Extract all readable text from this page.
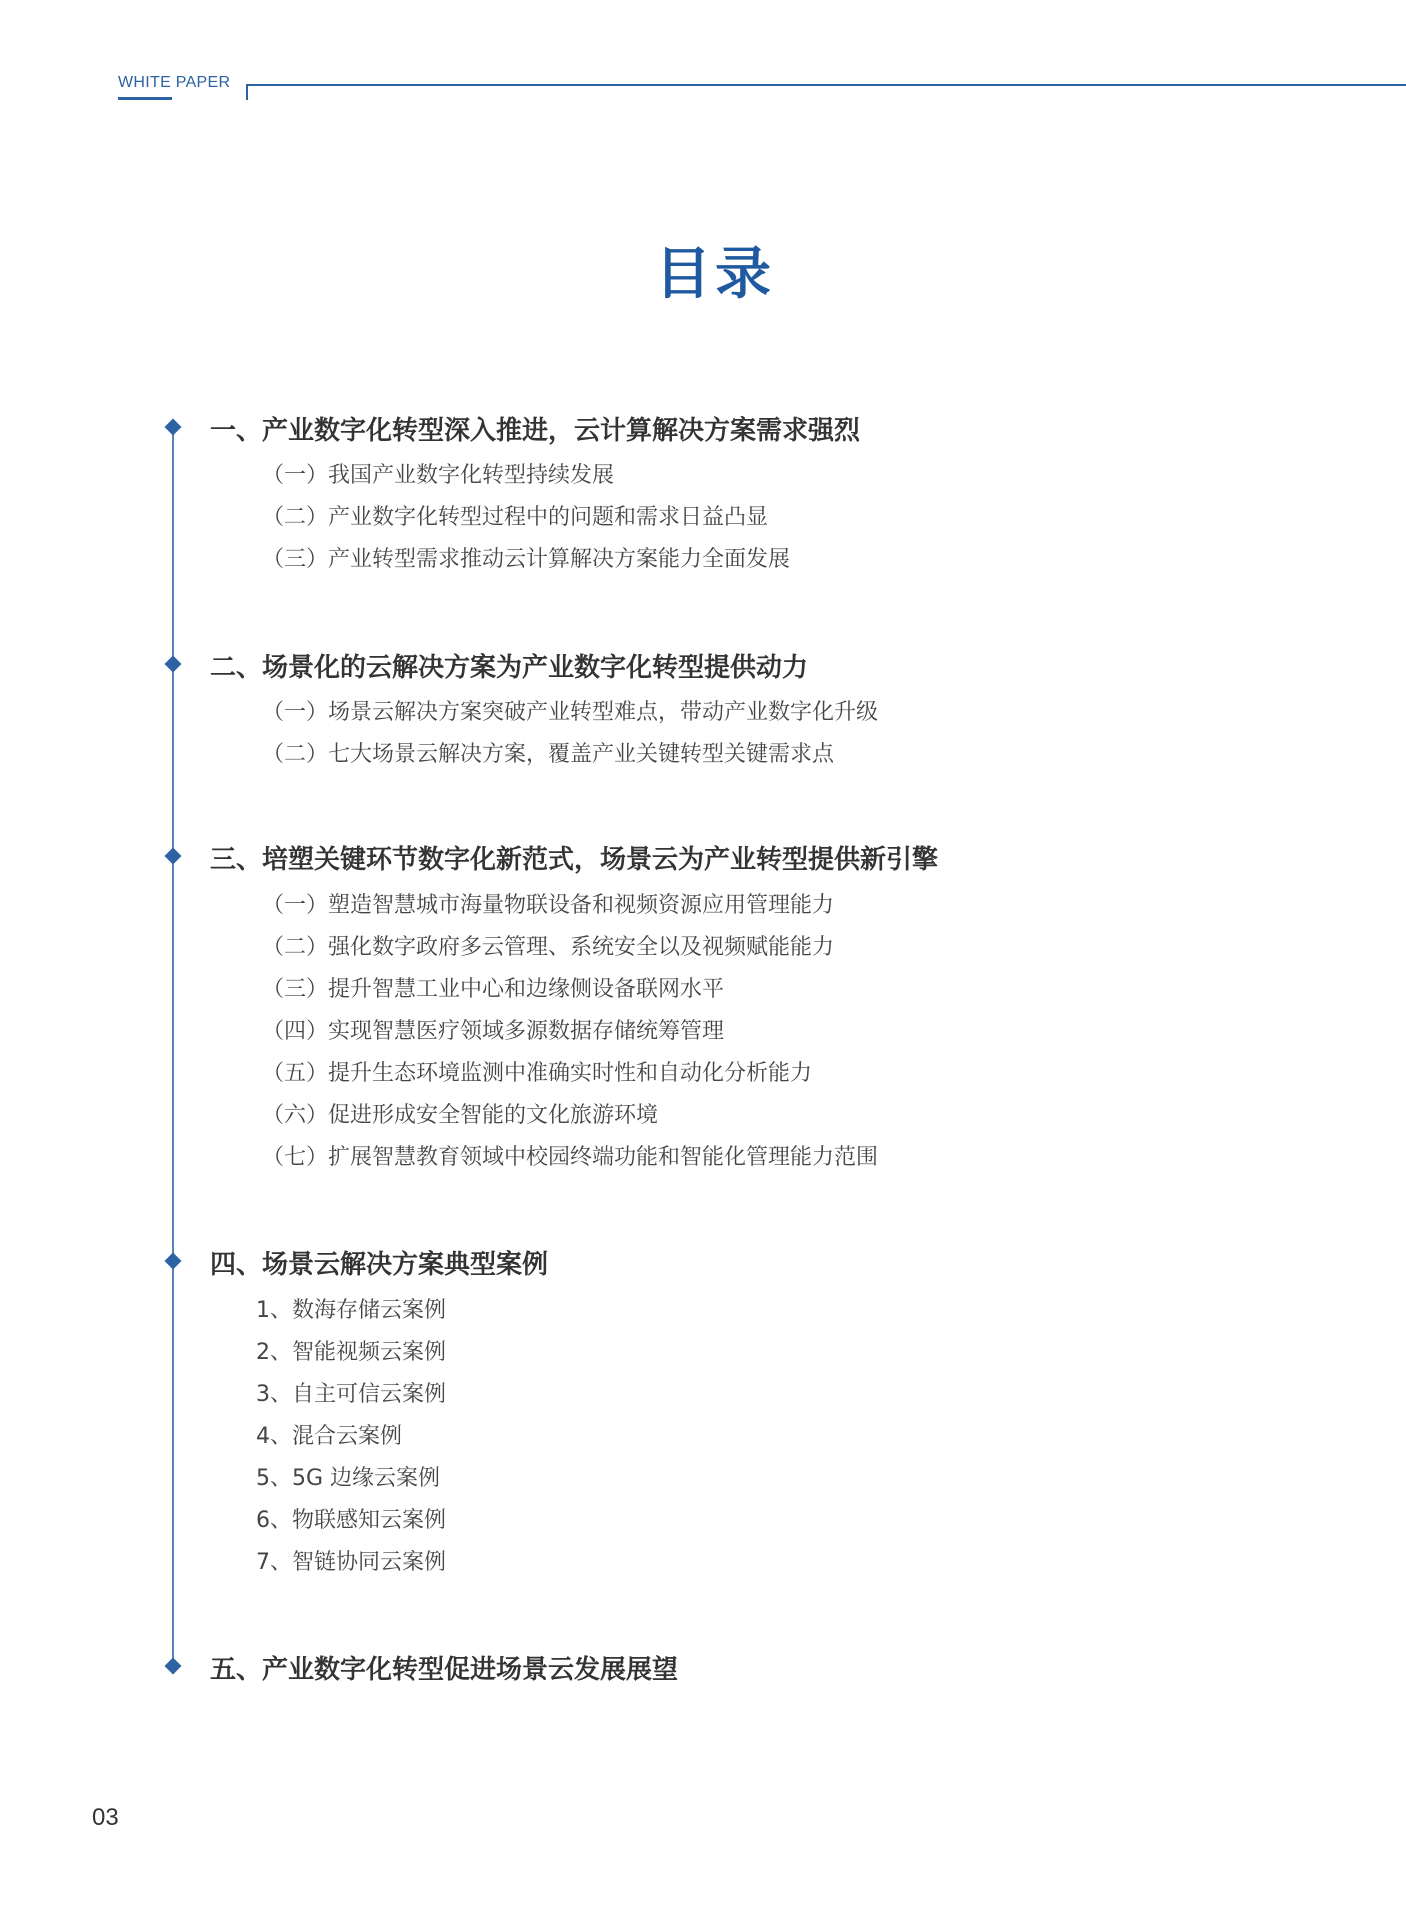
WHITE PAPER
目录
一、产业数字化转型深入推进，云计算解决方案需求强烈
（一）我国产业数字化转型持续发展
（二）产业数字化转型过程中的问题和需求日益凸显
（三）产业转型需求推动云计算解决方案能力全面发展
二、场景化的云解决方案为产业数字化转型提供动力
（一）场景云解决方案突破产业转型难点，带动产业数字化升级
（二）七大场景云解决方案，覆盖产业关键转型关键需求点
三、培塑关键环节数字化新范式，场景云为产业转型提供新引擎
（一）塑造智慧城市海量物联设备和视频资源应用管理能力
（二）强化数字政府多云管理、系统安全以及视频赋能能力
（三）提升智慧工业中心和边缘侧设备联网水平
（四）实现智慧医疗领域多源数据存储统筹管理
（五）提升生态环境监测中准确实时性和自动化分析能力
（六）促进形成安全智能的文化旅游环境
（七）扩展智慧教育领域中校园终端功能和智能化管理能力范围
四、场景云解决方案典型案例
1、数海存储云案例
2、智能视频云案例
3、自主可信云案例
4、混合云案例
5、5G 边缘云案例
6、物联感知云案例
7、智链协同云案例
五、产业数字化转型促进场景云发展展望
03
